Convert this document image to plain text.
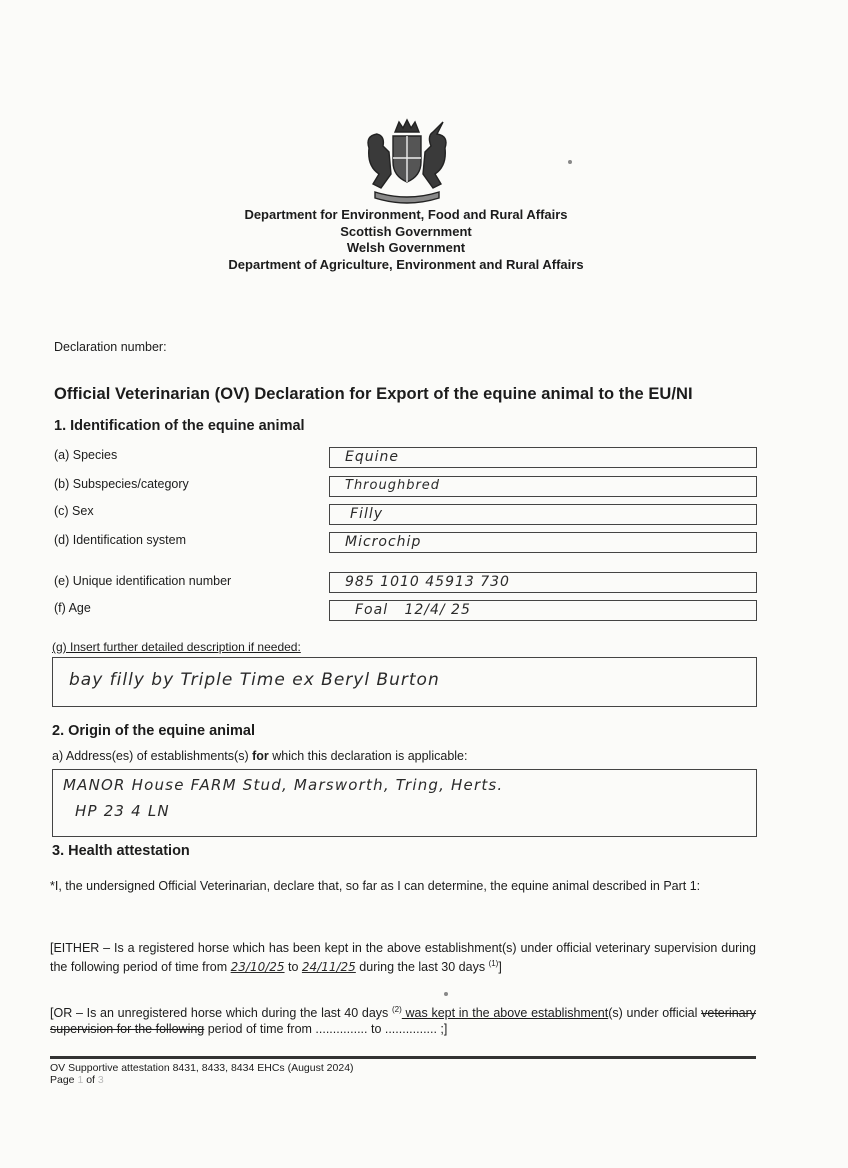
Department for Environment, Food and Rural Affairs
Scottish Government
Welsh Government
Department of Agriculture, Environment and Rural Affairs
Declaration number:
Official Veterinarian (OV) Declaration for Export of the equine animal to the EU/NI
1. Identification of the equine animal
(a) Species	Equine
(b) Subspecies/category	Throughbred
(c) Sex	Filly
(d) Identification system	Microchip
(e) Unique identification number	985 1010 45913 730
(f) Age	Foal   12/4/ 25
(g) Insert further detailed description if needed:
bay filly by Triple Time ex Beryl Burton
2. Origin of the equine animal
a) Address(es) of establishments(s) for which this declaration is applicable:
MANOR House FARM Stud, Marsworth, Tring, Herts.
HP 23 4 LN
3. Health attestation
*I, the undersigned Official Veterinarian, declare that, so far as I can determine, the equine animal described in Part 1:
[EITHER – Is a registered horse which has been kept in the above establishment(s) under official veterinary supervision during the following period of time from 23/10/25 to 24/11/25 during the last 30 days $^{(1)}$]
[OR – Is an unregistered horse which during the last 40 days $^{(2)}$ was kept in the above establishment(s) under official veterinary supervision for the following period of time from ............... to ............... ;]
OV Supportive attestation 8431, 8433, 8434 EHCs (August 2024)
Page 1 of 3
